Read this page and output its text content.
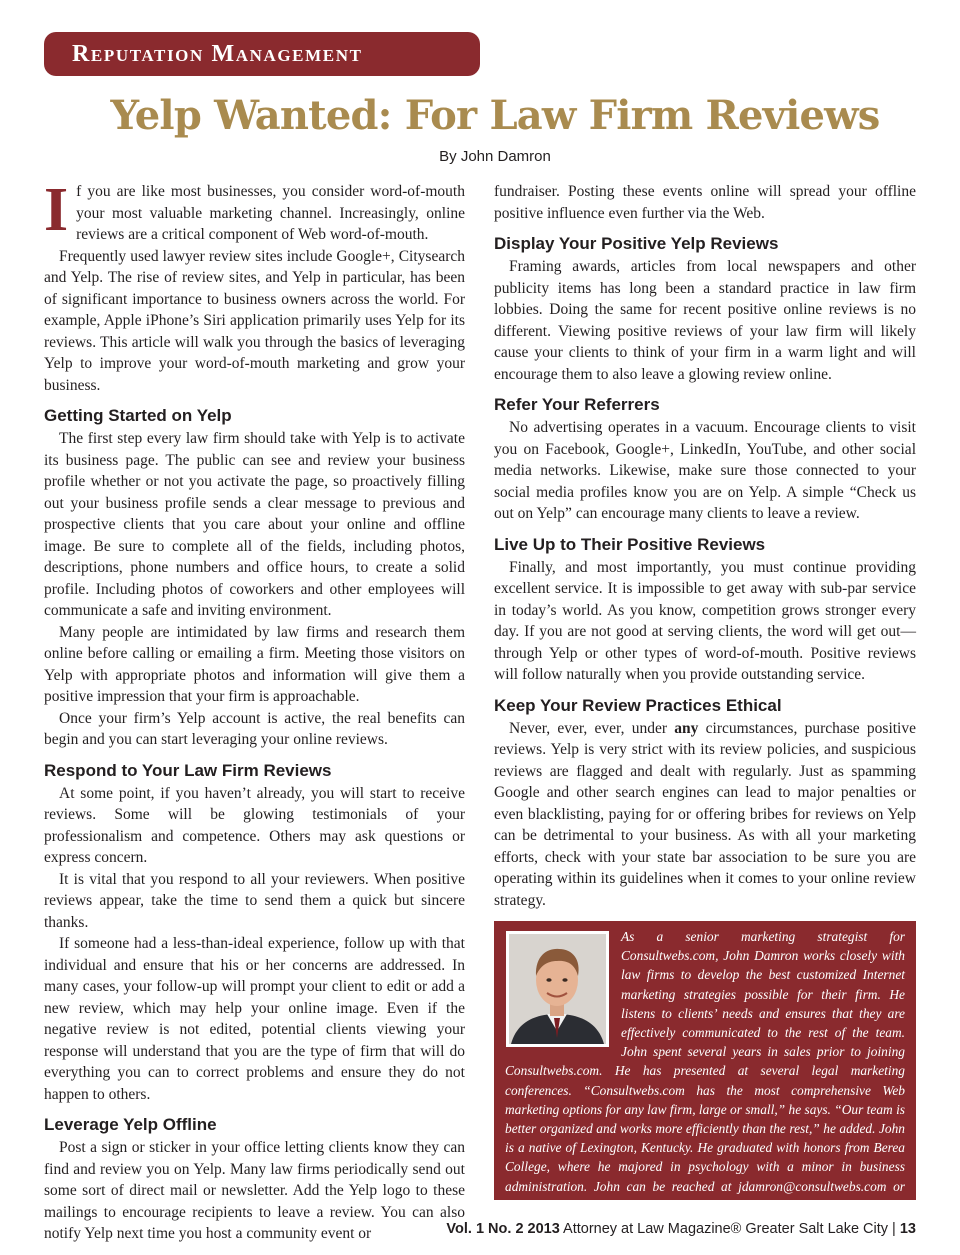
Reputation Management
Yelp Wanted: For Law Firm Reviews
By John Damron

If you are like most businesses, you consider word-of-mouth your most valuable marketing channel. Increasingly, online reviews are a critical component of Web word-of-mouth.

Frequently used lawyer review sites include Google+, Citysearch and Yelp. The rise of review sites, and Yelp in particular, has been of significant importance to business owners across the world. For example, Apple iPhone’s Siri application primarily uses Yelp for its reviews. This article will walk you through the basics of leveraging Yelp to improve your word-of-mouth marketing and grow your business.

Getting Started on Yelp

The first step every law firm should take with Yelp is to activate its business page. The public can see and review your business profile whether or not you activate the page, so proactively filling out your business profile sends a clear message to previous and prospective clients that you care about your online and offline image. Be sure to complete all of the fields, including photos, descriptions, phone numbers and office hours, to create a solid profile. Including photos of coworkers and other employees will communicate a safe and inviting environment.

Many people are intimidated by law firms and research them online before calling or emailing a firm. Meeting those visitors on Yelp with appropriate photos and information will give them a positive impression that your firm is approachable.

Once your firm’s Yelp account is active, the real benefits can begin and you can start leveraging your online reviews.

Respond to Your Law Firm Reviews

At some point, if you haven’t already, you will start to receive reviews. Some will be glowing testimonials of your professionalism and competence. Others may ask questions or express concern.

It is vital that you respond to all your reviewers. When positive reviews appear, take the time to send them a quick but sincere thanks.

If someone had a less-than-ideal experience, follow up with that individual and ensure that his or her concerns are addressed. In many cases, your follow-up will prompt your client to edit or add a new review, which may help your online image. Even if the negative review is not edited, potential clients viewing your response will understand that you are the type of firm that will do everything you can to correct problems and ensure they do not happen to others.

Leverage Yelp Offline

Post a sign or sticker in your office letting clients know they can find and review you on Yelp. Many law firms periodically send out some sort of direct mail or newsletter. Add the Yelp logo to these mailings to encourage recipients to leave a review. You can also notify Yelp next time you host a community event or

fundraiser. Posting these events online will spread your offline positive influence even further via the Web.

Display Your Positive Yelp Reviews

Framing awards, articles from local newspapers and other publicity items has long been a standard practice in law firm lobbies. Doing the same for recent positive online reviews is no different. Viewing positive reviews of your law firm will likely cause your clients to think of your firm in a warm light and will encourage them to also leave a glowing review online.

Refer Your Referrers

No advertising operates in a vacuum. Encourage clients to visit you on Facebook, Google+, LinkedIn, YouTube, and other social media networks. Likewise, make sure those connected to your social media profiles know you are on Yelp. A simple “Check us out on Yelp” can encourage many clients to leave a review.

Live Up to Their Positive Reviews

Finally, and most importantly, you must continue providing excellent service. It is impossible to get away with sub-par service in today’s world. As you know, competition grows stronger every day. If you are not good at serving clients, the word will get out—through Yelp or other types of word-of-mouth. Positive reviews will follow naturally when you provide outstanding service.

Keep Your Review Practices Ethical

Never, ever, ever, under any circumstances, purchase positive reviews. Yelp is very strict with its review policies, and suspicious reviews are flagged and dealt with regularly. Just as spamming Google and other search engines can lead to major penalties or even blacklisting, paying for or offering bribes for reviews on Yelp can be detrimental to your business. As with all your marketing efforts, check with your state bar association to be sure you are operating within its guidelines when it comes to your online review strategy.

As a senior marketing strategist for Consultwebs.com, John Damron works closely with law firms to develop the best customized Internet marketing strategies possible for their firm. He listens to clients’ needs and ensures that they are effectively communicated to the rest of the team. John spent several years in sales prior to joining Consultwebs.com. He has presented at several legal marketing conferences. “Consultwebs.com has the most comprehensive Web marketing options for any law firm, large or small,” he says. “Our team is better organized and works more efficiently than the rest,” he added. John is a native of Lexington, Kentucky. He graduated with honors from Berea College, where he majored in psychology with a minor in business administration. John can be reached at jdamron@consultwebs.com or 800-872-6590.
Vol. 1 No. 2 2013 Attorney at Law Magazine® Greater Salt Lake City | 13
